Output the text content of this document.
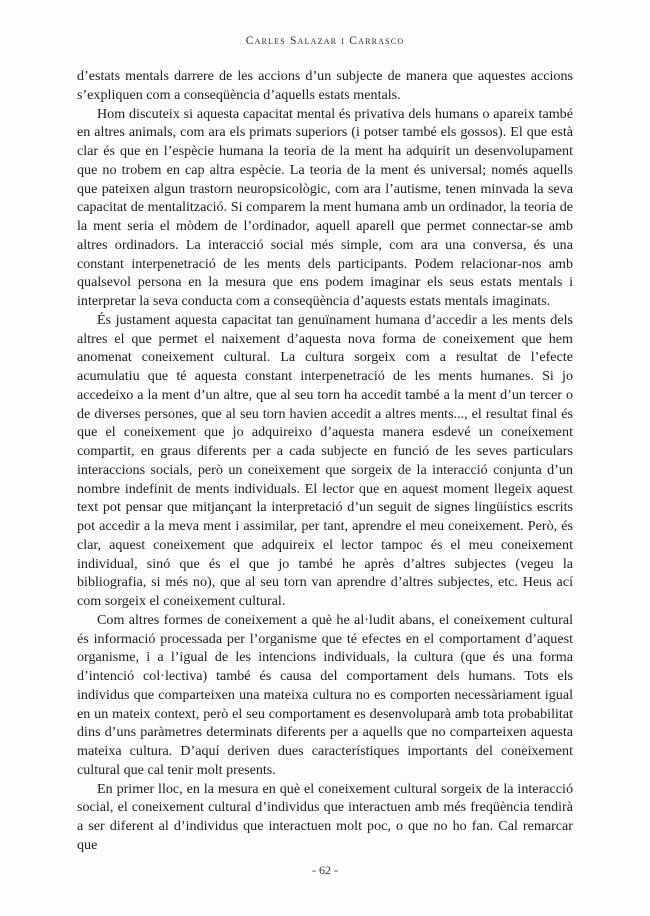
Carles Salazar i Carrasco

d’estats mentals darrere de les accions d’un subjecte de manera que aquestes accions s’expliquen com a conseqüència d’aquells estats mentals.

Hom discuteix si aquesta capacitat mental és privativa dels humans o apareix també en altres animals, com ara els primats superiors (i potser també els gossos). El que està clar és que en l’espècie humana la teoria de la ment ha adquirit un desenvolupament que no trobem en cap altra espècie. La teoria de la ment és universal; només aquells que pateixen algun trastorn neuropsicològic, com ara l’autisme, tenen minvada la seva capacitat de mentalització. Si comparem la ment humana amb un ordinador, la teoria de la ment seria el mòdem de l’ordinador, aquell aparell que permet connectar-se amb altres ordinadors. La interacció social més simple, com ara una conversa, és una constant interpenetració de les ments dels participants. Podem relacionar-nos amb qualsevol persona en la mesura que ens podem imaginar els seus estats mentals i interpretar la seva conducta com a conseqüència d’aquests estats mentals imaginats.

És justament aquesta capacitat tan genuïnament humana d’accedir a les ments dels altres el que permet el naixement d’aquesta nova forma de coneixement que hem anomenat coneixement cultural. La cultura sorgeix com a resultat de l’efecte acumulatiu que té aquesta constant interpenetració de les ments humanes. Si jo accedeixo a la ment d’un altre, que al seu torn ha accedit també a la ment d’un tercer o de diverses persones, que al seu torn havien accedit a altres ments..., el resultat final és que el coneixement que jo adquireixo d’aquesta manera esdevé un coneixement compartit, en graus diferents per a cada subjecte en funció de les seves particulars interaccions socials, però un coneixement que sorgeix de la interacció conjunta d’un nombre indefinit de ments individuals. El lector que en aquest moment llegeix aquest text pot pensar que mitjançant la interpretació d’un seguit de signes lingüístics escrits pot accedir a la meva ment i assimilar, per tant, aprendre el meu coneixement. Però, és clar, aquest coneixement que adquireix el lector tampoc és el meu coneixement individual, sinó que és el que jo també he après d’altres subjectes (vegeu la bibliografia, si més no), que al seu torn van aprendre d’altres subjectes, etc. Heus ací com sorgeix el coneixement cultural.

Com altres formes de coneixement a què he al·ludit abans, el coneixement cultural és informació processada per l’organisme que té efectes en el comportament d’aquest organisme, i a l’igual de les intencions individuals, la cultura (que és una forma d’intenció col·lectiva) també és causa del comportament dels humans. Tots els individus que comparteixen una mateixa cultura no es comporten necessàriament igual en un mateix context, però el seu comportament es desenvoluparà amb tota probabilitat dins d’uns paràmetres determinats diferents per a aquells que no comparteixen aquesta mateixa cultura. D’aquí deriven dues característiques importants del coneixement cultural que cal tenir molt presents.

En primer lloc, en la mesura en què el coneixement cultural sorgeix de la interacció social, el coneixement cultural d’individus que interactuen amb més freqüència tendirà a ser diferent al d’individus que interactuen molt poc, o que no ho fan. Cal remarcar que

- 62 -
